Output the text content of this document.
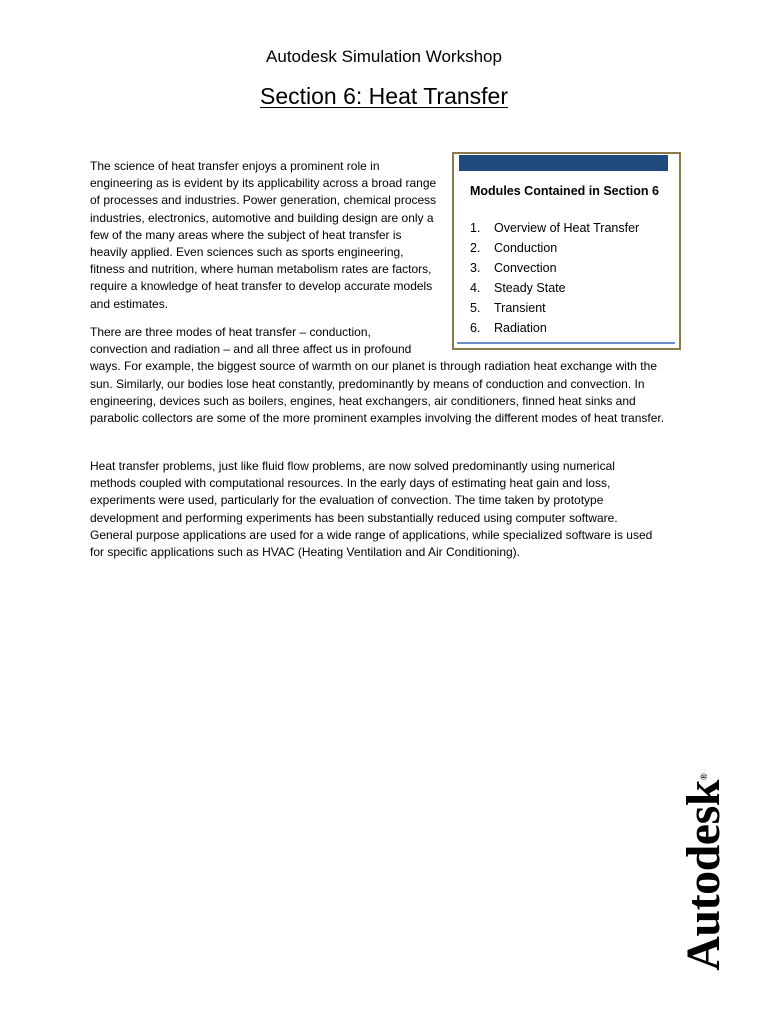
Autodesk Simulation Workshop
Section 6: Heat Transfer
Modules Contained in Section 6
1.	Overview of Heat Transfer
2.	Conduction
3.	Convection
4.	Steady State
5.	Transient
6.	Radiation

The science of heat transfer enjoys a prominent role in engineering as is evident by its applicability across a broad range of processes and industries. Power generation, chemical process industries, electronics, automotive and building design are only a few of the many areas where the subject of heat transfer is heavily applied. Even sciences such as sports engineering, fitness and nutrition, where human metabolism rates are factors, require a knowledge of heat transfer to develop accurate models and estimates.

There are three modes of heat transfer – conduction, convection and radiation – and all three affect us in profound ways. For example, the biggest source of warmth on our planet is through radiation heat exchange with the sun. Similarly, our bodies lose heat constantly, predominantly by means of conduction and convection. In engineering, devices such as boilers, engines, heat exchangers, air conditioners, finned heat sinks and parabolic collectors are some of the more prominent examples involving the different modes of heat transfer.

Heat transfer problems, just like fluid flow problems, are now solved predominantly using numerical methods coupled with computational resources. In the early days of estimating heat gain and loss, experiments were used, particularly for the evaluation of convection. The time taken by prototype development and performing experiments has been substantially reduced using computer software. General purpose applications are used for a wide range of applications, while specialized software is used for specific applications such as HVAC (Heating Ventilation and Air Conditioning).

Autodesk®
